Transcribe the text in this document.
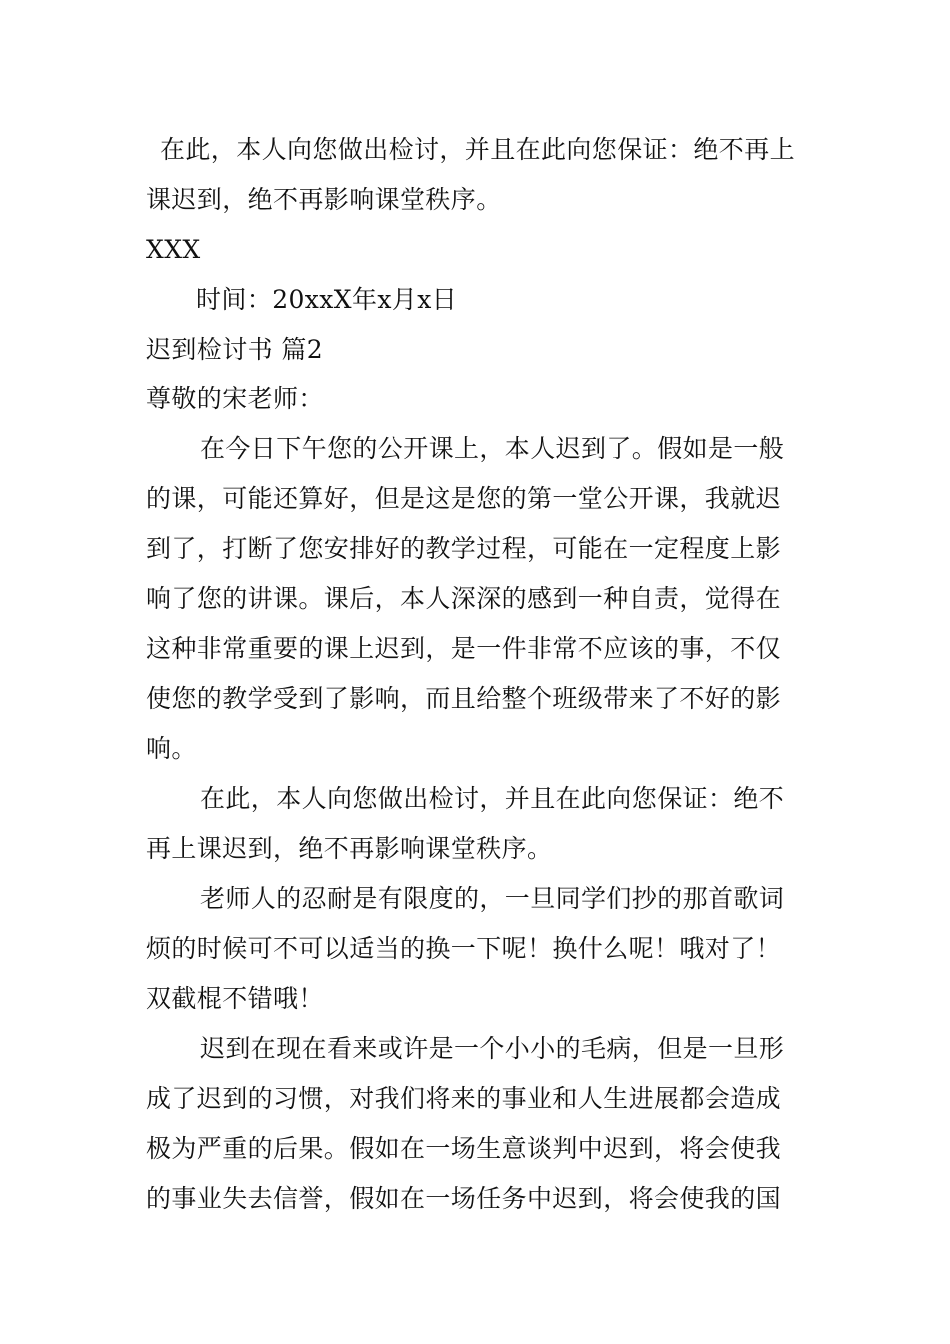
在此，本人向您做出检讨，并且在此向您保证：绝不再上
课迟到，绝不再影响课堂秩序。
XXX
时间：20xxX年x月x日
迟到检讨书 篇2
尊敬的宋老师：
在今日下午您的公开课上，本人迟到了。假如是一般
的课，可能还算好，但是这是您的第一堂公开课，我就迟
到了，打断了您安排好的教学过程，可能在一定程度上影
响了您的讲课。课后，本人深深的感到一种自责，觉得在
这种非常重要的课上迟到，是一件非常不应该的事，不仅
使您的教学受到了影响，而且给整个班级带来了不好的影
响。
在此，本人向您做出检讨，并且在此向您保证：绝不
再上课迟到，绝不再影响课堂秩序。
老师人的忍耐是有限度的，一旦同学们抄的那首歌词
烦的时候可不可以适当的换一下呢！换什么呢！哦对了！
双截棍不错哦！
迟到在现在看来或许是一个小小的毛病，但是一旦形
成了迟到的习惯，对我们将来的事业和人生进展都会造成
极为严重的后果。假如在一场生意谈判中迟到，将会使我
的事业失去信誉，假如在一场任务中迟到，将会使我的国
